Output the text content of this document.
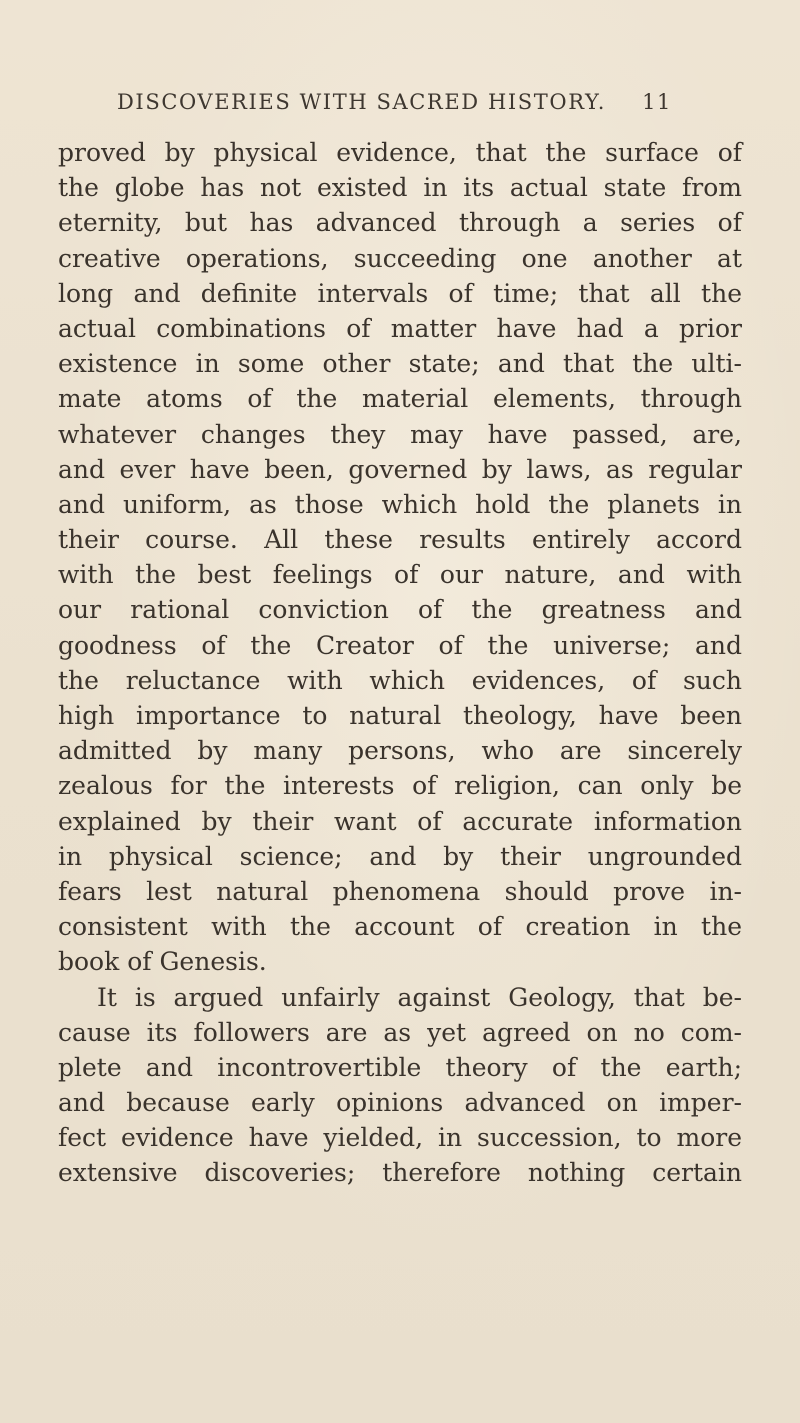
DISCOVERIES WITH SACRED HISTORY. 11
proved by physical evidence, that the surface of
the globe has not existed in its actual state from
eternity, but has advanced through a series of
creative operations, succeeding one another at
long and definite intervals of time; that all the
actual combinations of matter have had a prior
existence in some other state; and that the ulti-
mate atoms of the material elements, through
whatever changes they may have passed, are,
and ever have been, governed by laws, as regular
and uniform, as those which hold the planets in
their course. All these results entirely accord
with the best feelings of our nature, and with
our rational conviction of the greatness and
goodness of the Creator of the universe; and
the reluctance with which evidences, of such
high importance to natural theology, have been
admitted by many persons, who are sincerely
zealous for the interests of religion, can only be
explained by their want of accurate information
in physical science; and by their ungrounded
fears lest natural phenomena should prove in-
consistent with the account of creation in the
book of Genesis.
It is argued unfairly against Geology, that be-
cause its followers are as yet agreed on no com-
plete and incontrovertible theory of the earth;
and because early opinions advanced on imper-
fect evidence have yielded, in succession, to more
extensive discoveries; therefore nothing certain
